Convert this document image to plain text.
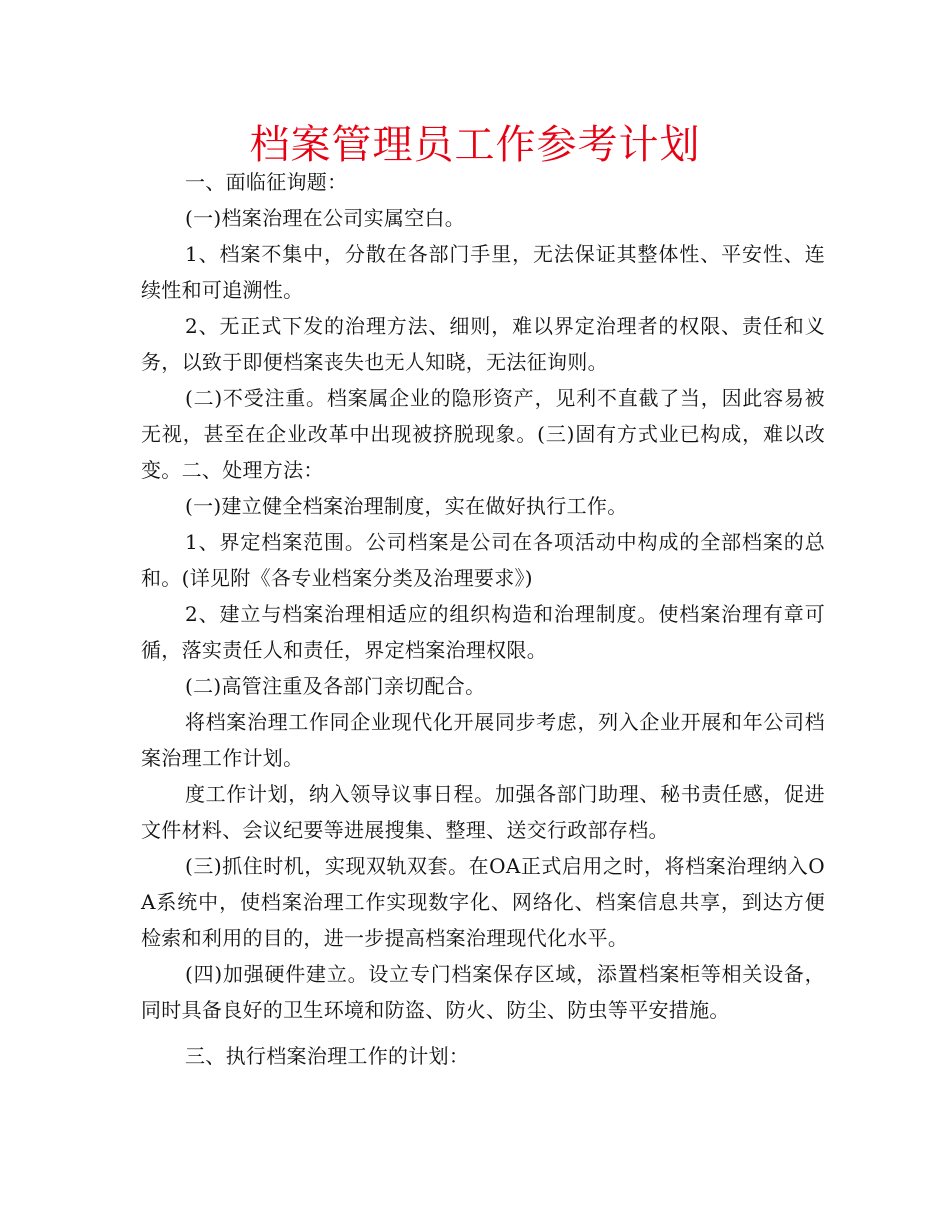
档案管理员工作参考计划

一、面临征询题：

(一)档案治理在公司实属空白。

1、档案不集中，分散在各部门手里，无法保证其整体性、平安性、连续性和可追溯性。

2、无正式下发的治理方法、细则，难以界定治理者的权限、责任和义务，以致于即便档案丧失也无人知晓，无法征询则。

(二)不受注重。档案属企业的隐形资产，见利不直截了当，因此容易被无视，甚至在企业改革中出现被挤脱现象。(三)固有方式业已构成，难以改变。二、处理方法：

(一)建立健全档案治理制度，实在做好执行工作。

1、界定档案范围。公司档案是公司在各项活动中构成的全部档案的总和。(详见附《各专业档案分类及治理要求》)

2、建立与档案治理相适应的组织构造和治理制度。使档案治理有章可循，落实责任人和责任，界定档案治理权限。

(二)高管注重及各部门亲切配合。

将档案治理工作同企业现代化开展同步考虑，列入企业开展和年公司档案治理工作计划。

度工作计划，纳入领导议事日程。加强各部门助理、秘书责任感，促进文件材料、会议纪要等进展搜集、整理、送交行政部存档。

(三)抓住时机，实现双轨双套。在OA正式启用之时，将档案治理纳入OA系统中，使档案治理工作实现数字化、网络化、档案信息共享，到达方便检索和利用的目的，进一步提高档案治理现代化水平。

(四)加强硬件建立。设立专门档案保存区域，添置档案柜等相关设备，同时具备良好的卫生环境和防盗、防火、防尘、防虫等平安措施。

三、执行档案治理工作的计划：
